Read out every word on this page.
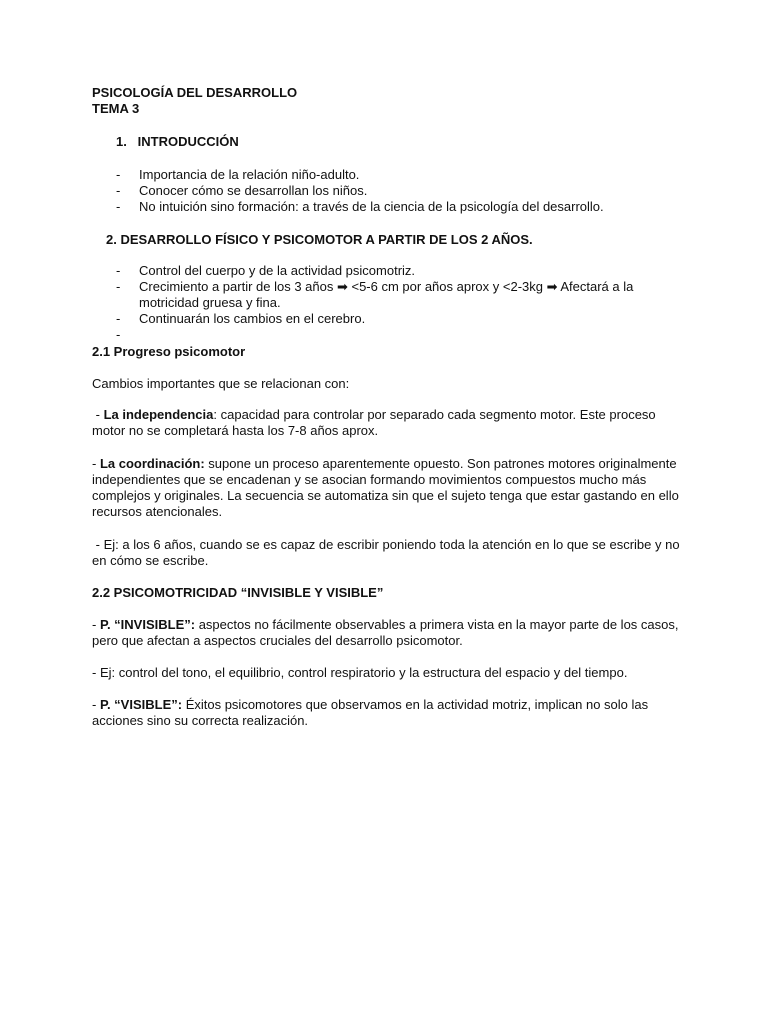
PSICOLOGÍA DEL DESARROLLO
TEMA 3
1.   INTRODUCCIÓN
- Importancia de la relación niño-adulto.
- Conocer cómo se desarrollan los niños.
- No intuición sino formación: a través de la ciencia de la psicología del desarrollo.
2. DESARROLLO FÍSICO Y PSICOMOTOR A PARTIR DE LOS 2 AÑOS.
- Control del cuerpo y de la actividad psicomotriz.
- Crecimiento a partir de los 3 años ➡ <5-6 cm por años aprox y <2-3kg ➡ Afectará a la motricidad gruesa y fina.
- Continuarán los cambios en el cerebro.
-
2.1 Progreso psicomotor
Cambios importantes que se relacionan con:
- La independencia: capacidad para controlar por separado cada segmento motor. Este proceso motor no se completará hasta los 7-8 años aprox.
- La coordinación: supone un proceso aparentemente opuesto. Son patrones motores originalmente independientes que se encadenan y se asocian formando movimientos compuestos mucho más complejos y originales. La secuencia se automatiza sin que el sujeto tenga que estar gastando en ello recursos atencionales.
- Ej: a los 6 años, cuando se es capaz de escribir poniendo toda la atención en lo que se escribe y no en cómo se escribe.
2.2 PSICOMOTRICIDAD “INVISIBLE Y VISIBLE”
- P. “INVISIBLE”: aspectos no fácilmente observables a primera vista en la mayor parte de los casos, pero que afectan a aspectos cruciales del desarrollo psicomotor.
- Ej: control del tono, el equilibrio, control respiratorio y la estructura del espacio y del tiempo.
- P. “VISIBLE”: Éxitos psicomotores que observamos en la actividad motriz, implican no solo las acciones sino su correcta realización.
